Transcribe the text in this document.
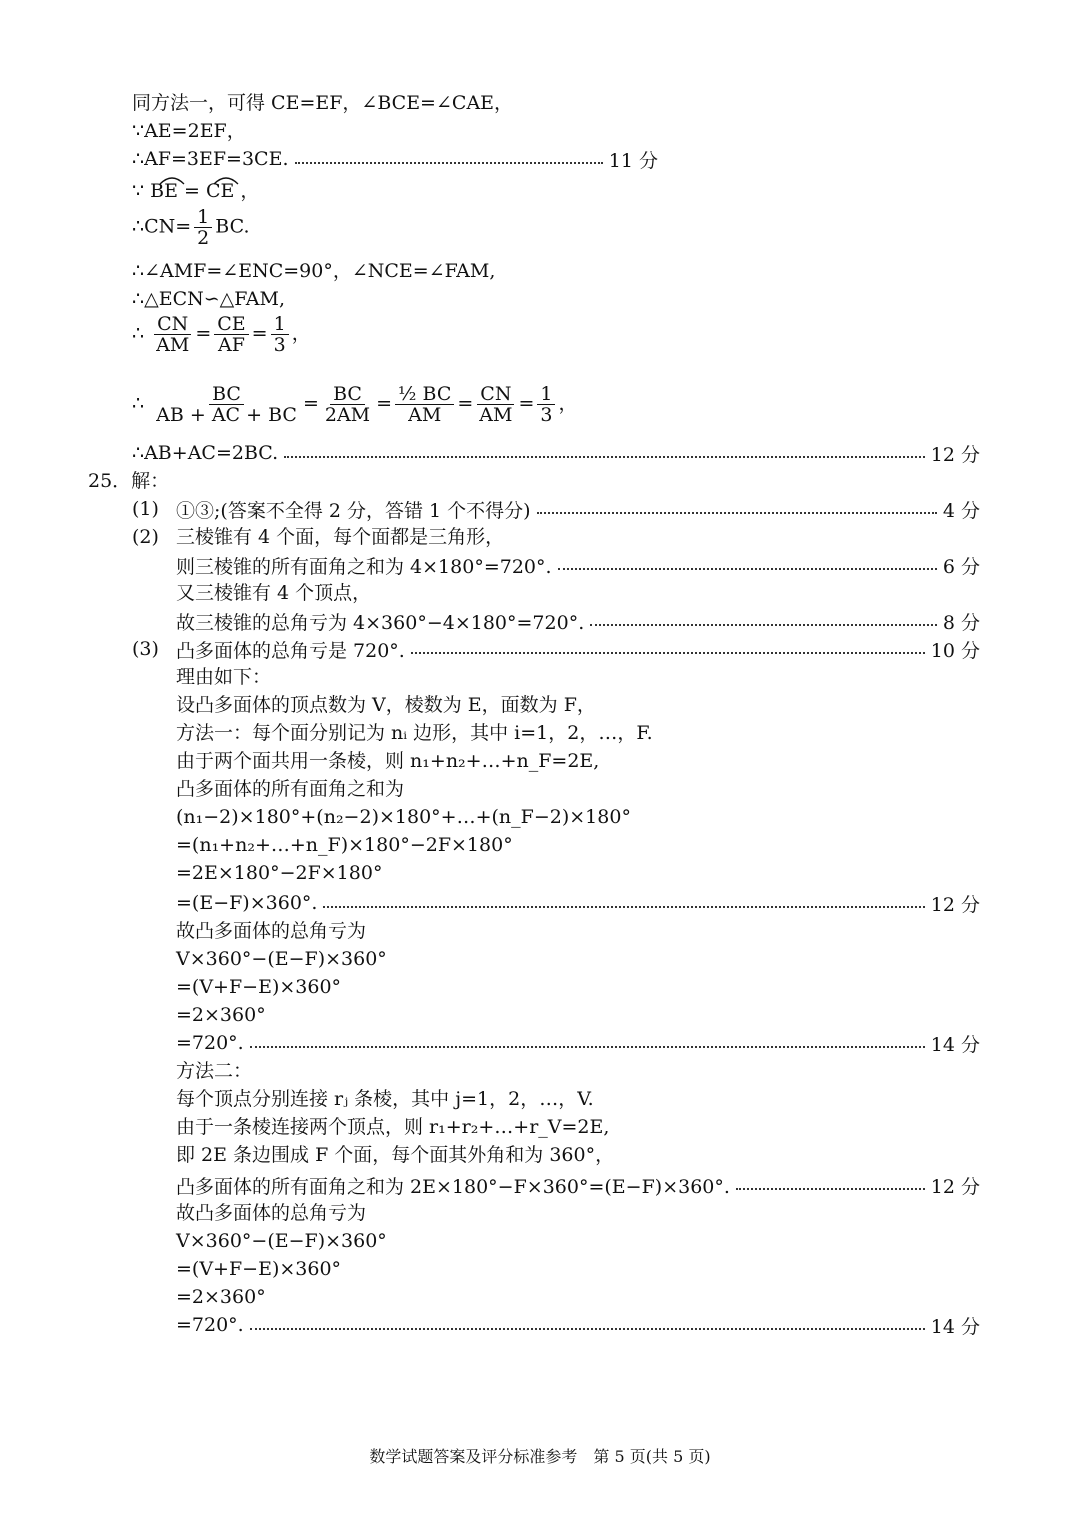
同方法一，可得 CE=EF，∠BCE=∠CAE，
∵AE=2EF，
∴AF=3EF=3CE.	11 分
∵ BE = CE ，
∴CN= $\frac{1}{2}$ BC.
∴∠AMF=∠ENC=90°，∠NCE=∠FAM,
∴△ECN∽△FAM,
∴ $\frac{CN}{AM} = \frac{CE}{AF} = \frac{1}{3}$ ，
∴ $\frac{BC}{AB + AC + BC} = \frac{BC}{2AM} = \frac{\text{½ BC}}{AM} = \frac{CN}{AM} = \frac{1}{3}$ ，
∴AB+AC=2BC.	12 分
25．解：
(1) ①③;(答案不全得 2 分，答错 1 个不得分)	4 分
(2) 三棱锥有 4 个面，每个面都是三角形，
则三棱锥的所有面角之和为 4×180°=720°.	6 分
又三棱锥有 4 个顶点，
故三棱锥的总角亏为 4×360°−4×180°=720°.	8 分
(3) 凸多面体的总角亏是 720°.	10 分
理由如下：
设凸多面体的顶点数为 V，棱数为 E，面数为 F，
方法一：每个面分别记为 nᵢ 边形，其中 i=1，2，…，F.
由于两个面共用一条棱，则 n₁+n₂+…+n_F=2E,
凸多面体的所有面角之和为
(n₁−2)×180°+(n₂−2)×180°+…+(n_F−2)×180°
=(n₁+n₂+…+n_F)×180°−2F×180°
=2E×180°−2F×180°
=(E−F)×360°.	12 分
故凸多面体的总角亏为
V×360°−(E−F)×360°
=(V+F−E)×360°
=2×360°
=720°.	14 分
方法二：
每个顶点分别连接 rⱼ 条棱，其中 j=1，2，…，V.
由于一条棱连接两个顶点，则 r₁+r₂+…+r_V=2E,
即 2E 条边围成 F 个面，每个面其外角和为 360°，
凸多面体的所有面角之和为 2E×180°−F×360°=(E−F)×360°.	12 分
故凸多面体的总角亏为
V×360°−(E−F)×360°
=(V+F−E)×360°
=2×360°
=720°.	14 分
数学试题答案及评分标准参考　第 5 页(共 5 页)
